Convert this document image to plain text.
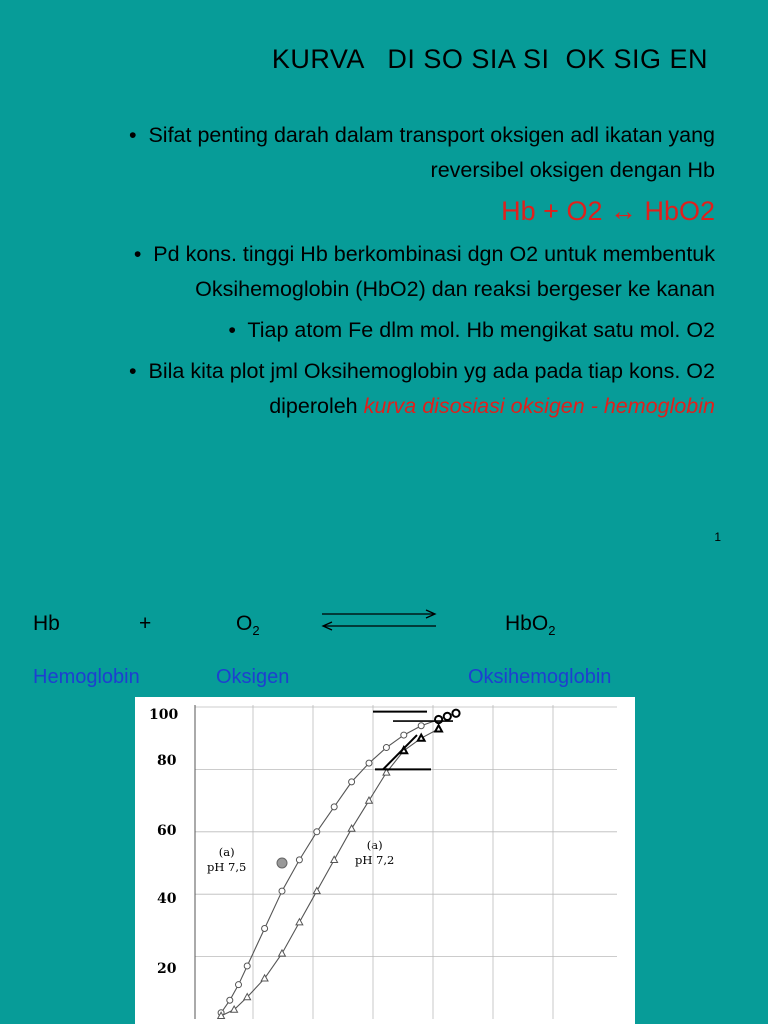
KURVA   DI SO SIA SI  OK SIG EN

• Sifat penting darah dalam transport oksigen adl ikatan yang reversibel oksigen dengan Hb

Hb + O2 ↔ HbO2

• Pd kons. tinggi Hb berkombinasi dgn O2 untuk membentuk Oksihemoglobin (HbO2) dan reaksi bergeser ke kanan

• Tiap atom Fe dlm mol. Hb mengikat satu mol. O2

• Bila kita plot jml Oksihemoglobin yg ada pada tiap kons. O2 diperoleh kurva disosiasi oksigen - hemoglobin

1
Hb	+	$O_2$	HbO$_2$
Hemoglobin	Oksigen	Oksihemoglobin
100
80
60
40
20
(a)
pH 7,5
(a)
pH 7,2
